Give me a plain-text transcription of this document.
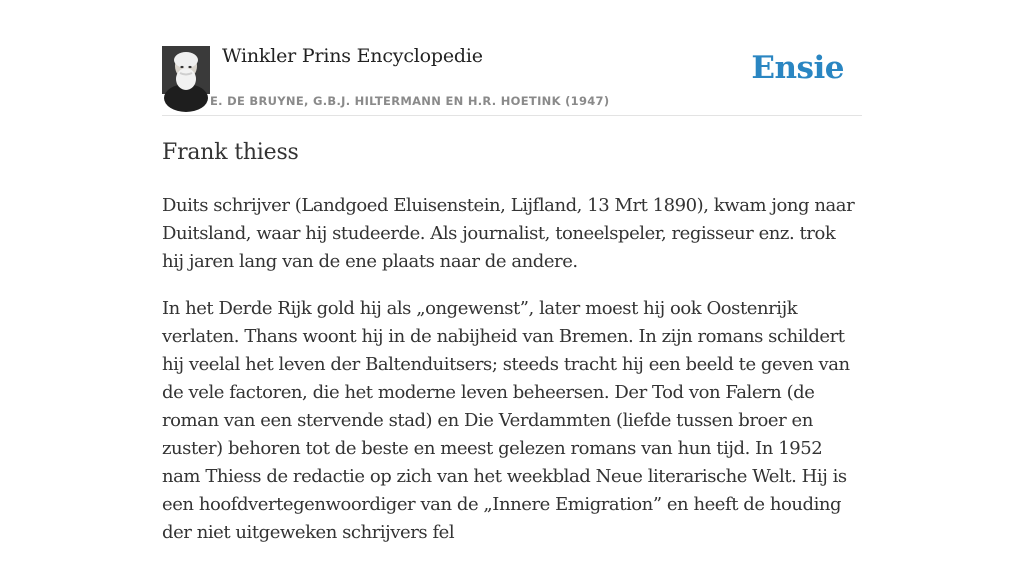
Winkler Prins Encyclopedie
E. DE BRUYNE, G.B.J. HILTERMANN EN H.R. HOETINK (1947)
Ensie
Frank thiess

Duits schrijver (Landgoed Eluisenstein, Lijfland, 13 Mrt 1890), kwam jong naar Duitsland, waar hij studeerde. Als journalist, toneelspeler, regisseur enz. trok hij jaren lang van de ene plaats naar de andere.

In het Derde Rijk gold hij als „ongewenst”, later moest hij ook Oostenrijk verlaten. Thans woont hij in de nabijheid van Bremen. In zijn romans schildert hij veelal het leven der Baltenduitsers; steeds tracht hij een beeld te geven van de vele factoren, die het moderne leven beheersen. Der Tod von Falern (de roman van een stervende stad) en Die Verdammten (liefde tussen broer en zuster) behoren tot de beste en meest gelezen romans van hun tijd. In 1952 nam Thiess de redactie op zich van het weekblad Neue literarische Welt. Hij is een hoofdvertegenwoordiger van de „Innere Emigration” en heeft de houding der niet uitgeweken schrijvers fel
